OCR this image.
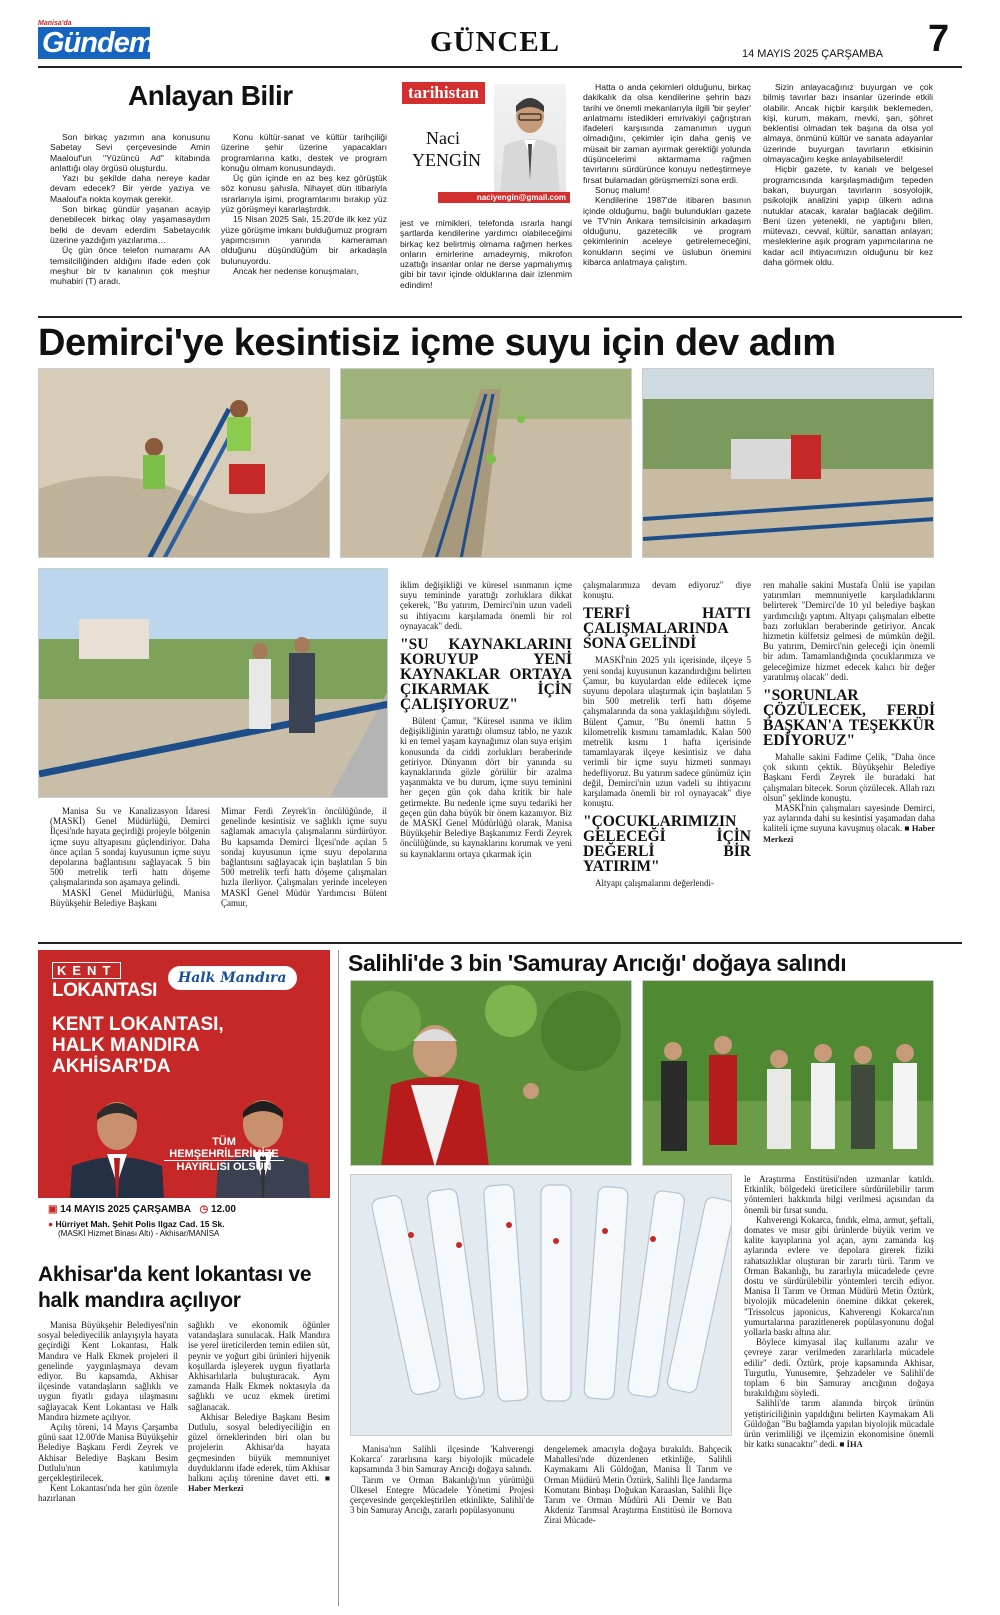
Manisa'da
Gündem	GÜNCEL	14 MAYIS 2025 ÇARŞAMBA 7
Anlayan Bilir

Son birkaç yazımın ana konusunu Sabetay Sevi çerçevesinde Amin Maalouf'un "Yüzüncü Ad" kitabında anlattığı olay örgüsü oluşturdu.

Yazı bu şekilde daha nereye kadar devam edecek? Bir yerde yazıya ve Maalouf'a nokta koymak gerekir.

Son birkaç gündür yaşanan acayip denebilecek birkaç olay yaşamasaydım belki de devam ederdim Sabetaycılık üzerine yazdığım yazılarıma…

Üç gün önce telefon numaramı AA temsilciliğinden aldığını ifade eden çok meşhur bir tv kanalının çok meşhur muhabiri (T) aradı.

Konu kültür-sanat ve kültür tarihçiliği üzerine şehir üzerine yapacakları programlarına katkı, destek ve program konuğu olmam konusundaydı.

Üç gün içinde en az beş kez görüştük söz konusu şahısla. Nihayet dün itibariyla ısrarlarıyla işimi, programlarımı bırakıp yüz yüz görüşmeyi kararlaştırdık.

15 Nisan 2025 Salı, 15.20'de ilk kez yüz yüze görüşme imkanı bulduğumuz program yapımcısının yanında kameraman olduğunu düşündüğüm bir arkadaşla bulunuyordu.

Ancak her nedense konuşmaları,

tarihistan
Naci
YENGİN
naciyengin@gmail.com

jest ve mimikleri, telefonda ısrarla hangi şartlarda kendilerine yardımcı olabileceğimi birkaç kez belirtmiş olmama rağmen herkes onların emirlerine amadeymiş, mikrofon uzattığı insanlar onlar ne derse yapmalıymış gibi bir tavır içinde olduklarına dair izlenmim edindim!

Hatta o anda çekimleri olduğunu, birkaç dakikalık da olsa kendilerine şehrin bazı tarihi ve önemli mekanlarıyla ilgili 'bir şeyler' anlatmamı istedikleri emrivakiyi çağrıştıran ifadeleri karşısında zamanımın uygun olmadığını, çekimler için daha geniş ve müsait bir zaman ayırmak gerektiği yolunda düşüncelerimi aktarmama rağmen tavırlarını sürdürünce konuyu netleştirmeye fırsat bulamadan görüşmemizi sona erdi.

Sonuç malum!

Kendilerine 1987'de itibaren basının içinde olduğumu, bağlı bulundukları gazete ve TV'nin Ankara temsilcisinin arkadaşım olduğunu, gazetecilik ve program çekimlerinin aceleye getirelemeceğini, konukların seçimi ve üslubun önemini kibarca anlatmaya çalıştım.

Sizin anlayacağınız buyurgan ve çok bilmiş tavırlar bazı insanlar üzerinde etkili olabilir. Ancak hiçbir karşılık beklemeden, kişi, kurum, makam, mevki, şan, şöhret beklentisi olmadan tek başına da olsa yol almaya, önmünü kültür ve sanata adayanlar üzerinde buyurgan tavırların etkisinin olmayacağını keşke anlayabilselerdi!

Hiçbir gazete, tv kanalı ve belgesel programcısında karşılaşmadığım tepeden bakan, buyurgan tavırların sosyolojik, psikolojik analizini yapıp ülkem adına nutuklar atacak, karalar bağlacak değilim. Beni üzen yetenekli, ne yaptığını bilen, mütevazı, cevval, kültür, sanattan anlayan; mesleklerine aşık program yapımcılarına ne kadar acil ihtiyacımızın olduğunu bir kez daha görmek oldu.

Demirci'ye kesintisiz içme suyu için dev adım

Manisa Su ve Kanalizasyon İdaresi (MASKİ) Genel Müdürlüğü, Demirci İlçesi'nde hayata geçirdiği projeyle bölgenin içme suyu altyapısını güçlendiriyor. Daha önce açılan 5 sondaj kuyusunun içme suyu depolarına bağlantısını sağlayacak 5 bin 500 metrelik terfi hattı döşeme çalışmalarında son aşamaya gelindi.

MASKİ Genel Müdürlüğü, Manisa Büyükşehir Belediye Başkanı

Mimar Ferdi Zeyrek'in öncülüğünde, il genelinde kesintisiz ve sağlıklı içme suyu sağlamak amacıyla çalışmalarını sürdürüyor. Bu kapsamda Demirci İlçesi'nde açılan 5 sondaj kuyusunun içme suyu depolarına bağlantısını sağlayacak için başlatılan 5 bin 500 metrelik terfi hattı döşeme çalışmaları hızla ilerliyor. Çalışmaları yerinde inceleyen MASKİ Genel Müdür Yardımcısı Bülent Çamur,

iklim değişikliği ve küresel ısınmanın içme suyu temininde yarattığı zorluklara dikkat çekerek, "Bu yatırım, Demirci'nin uzun vadeli su ihtiyacını karşılamada önemli bir rol oynayacak" dedi.

"SU KAYNAKLARINI KORUYUP YENİ KAYNAKLAR ORTAYA ÇIKARMAK İÇİN ÇALIŞIYORUZ"

Bülent Çamur, "Küresel ısınma ve iklim değişikliğinin yarattığı olumsuz tablo, ne yazık ki en temel yaşam kaynağımız olan suya erişim konusunda da ciddi zorlukları beraberinde getiriyor. Dünyanın dört bir yanında su kaynaklarında gözle görülür bir azalma yaşanmakta ve bu durum, içme suyu teminini her geçen gün çok daha kritik bir hale getirmekte. Bu nedenle içme suyu tedariki her geçen gün daha büyük bir önem kazanıyor. Biz de MASKİ Genel Müdürlüğü olarak, Manisa Büyükşehir Belediye Başkanımız Ferdi Zeyrek öncülüğünde, su kaynaklarını korumak ve yeni su kaynaklarını ortaya çıkarmak için

çalışmalarımıza devam ediyoruz" diye konuştu.

TERFİ HATTI ÇALIŞMALARINDA SONA GELİNDİ

MASKİ'nin 2025 yılı içerisinde, ilçeye 5 yeni sondaj kuyusunun kazandırdığını belirten Çamur, bu kuyulardan elde edilecek içme suyunu depolara ulaştırmak için başlatılan 5 bin 500 metrelik terfi hattı döşeme çalışmalarında da sona yaklaşıldığını söyledi. Bülent Çamur, "Bu önemli hattın 5 kilometrelik kısmını tamamladık. Kalan 500 metrelik kısmı 1 hafta içerisinde tamamlayarak ilçeye kesintisiz ve daha verimli bir içme suyu hizmeti sunmayı hedefliyoruz. Bu yatırım sadece günümüz için değil, Demirci'nin uzun vadeli su ihtiyacını karşılamada önemli bir rol oynayacak" diye konuştu.

"ÇOCUKLARIMIZIN GELECEĞİ İÇİN DEĞERLİ BİR YATIRIM"

Altyapı çalışmalarını değerlendi-

ren mahalle sakini Mustafa Ünlü ise yapılan yatırımları memnuniyetle karşıladıklarını belirterek "Demirci'de 10 yıl belediye başkan yardımcılığı yaptım. Altyapı çalışmaları elbette bazı zorlukları beraberinde getiriyor. Ancak hizmetin külfetsiz gelmesi de mümkün değil. Bu yatırım, Demirci'nin geleceği için önemli bir adım. Tamamlandığında çocuklarımıza ve geleceğimize hizmet edecek kalıcı bir değer yaratılmış olacak" dedi.

"SORUNLAR ÇÖZÜLECEK, FERDİ BAŞKAN'A TEŞEKKÜR EDİYORUZ"

Mahalle sakini Fadime Çelik, "Daha önce çok sıkıntı çektik. Büyükşehir Belediye Başkanı Ferdi Zeyrek ile buradaki hat çalışmaları bitecek. Sorun çözülecek. Allah razı olsun" şeklinde konuştu.

MASKİ'nin çalışmaları sayesinde Demirci, yaz aylarında dahi su kesintisi yaşamadan daha kaliteli içme suyuna kavuşmuş olacak. ■ Haber Merkezi

KENT
LOKANTASI
Halk Mandıra
KENT LOKANTASI, HALK MANDIRA AKHİSAR'DA
TÜM
HEMŞEHRİLERİMİZE
HAYIRLISI OLSUN
▣ 14 MAYIS 2025 ÇARŞAMBA ◷ 12.00
● Hürriyet Mah. Şehit Polis Ilgaz Cad. 15 Sk.
(MASKİ Hizmet Binası Altı) - Akhisar/MANİSA
Akhisar'da kent lokantası ve halk mandıra açılıyor

Manisa Büyükşehir Belediyesi'nin sosyal belediyecilik anlayışıyla hayata geçirdiği Kent Lokantası, Halk Mandıra ve Halk Ekmek projeleri il genelinde yaygınlaşmaya devam ediyor. Bu kapsamda, Akhisar ilçesinde vatandaşların sağlıklı ve uygun fiyatlı gıdaya ulaşmasını sağlayacak Kent Lokantası ve Halk Mandıra hizmete açılıyor.

Açılış töreni, 14 Mayıs Çarşamba günü saat 12.00'de Manisa Büyükşehir Belediye Başkanı Ferdi Zeyrek ve Akhisar Belediye Başkanı Besim Dutlulu'nun katılımıyla gerçekleştirilecek.

Kent Lokantası'nda her gün özenle hazırlanan

sağlıklı ve ekonomik öğünler vatandaşlara sunulacak. Halk Mandıra ise yerel üreticilerden temin edilen süt, peynir ve yoğurt gibi ürünleri hijyenik koşullarda işleyerek uygun fiyatlarla Akhisarlılarla buluşturacak. Aynı zamanda Halk Ekmek noktasıyla da sağlıklı ve ucuz ekmek üretimi sağlanacak.

Akhisar Belediye Başkanı Besim Dutlulu, sosyal belediyeciliğin en güzel örneklerinden biri olan bu projelerin Akhisar'da hayata geçmesinden büyük memnuniyet duyduklarını ifade ederek, tüm Akhisar halkını açılış törenine davet etti. ■ Haber Merkezi

Salihli'de 3 bin 'Samuray Arıcığı' doğaya salındı

Manisa'nın Salihli ilçesinde 'Kahverengi Kokarca' zararlısına karşı biyolojik mücadele kapsamında 3 bin Samuray Arıcığı doğaya salındı.

Tarım ve Orman Bakanlığı'nın yürüttüğü Ülkesel Entegre Mücadele Yönetimi Projesi çerçevesinde gerçekleştirilen etkinlikte, Salihli'de 3 bin Samuray Arıcığı, zararlı popülasyonunu

dengelemek amacıyla doğaya bırakıldı. Bahçecik Mahallesi'nde düzenlenen etkinliğe, Salihli Kaymakamı Ali Güldoğan, Manisa İl Tarım ve Orman Müdürü Metin Öztürk, Salihli İlçe Jandarma Komutanı Binbaşı Doğukan Karaaslan, Salihli İlçe Tarım ve Orman Müdürü Ali Demir ve Batı Akdeniz Tarımsal Araştırma Enstitüsü ile Bornova Zirai Mücade-

le Araştırma Enstitüsü'nden uzmanlar katıldı. Etkinlik, bölgedeki üreticilere sürdürülebilir tarım yöntemleri hakkında bilgi verilmesi açısından da önemli bir fırsat sundu.

Kahverengi Kokarca, fındık, elma, armut, şeftali, domates ve mısır gibi ürünlerde büyük verim ve kalite kayıplarına yol açan, aynı zamanda kış aylarında evlere ve depolara girerek fiziki rahatsızlıklar oluşturan bir zararlı türü. Tarım ve Orman Bakanlığı, bu zararlıyla mücadelede çevre dostu ve sürdürülebilir yöntemleri tercih ediyor. Manisa İl Tarım ve Orman Müdürü Metin Öztürk, biyolojik mücadelenin önemine dikkat çekerek, "Trissolcus japonicus, Kahverengi Kokarca'nın yumurtalarına parazitlenerek popülasyonunu doğal yollarla baskı altına alır.

Böylece kimyasal ilaç kullanımı azalır ve çevreye zarar verilmeden zararlılarla mücadele edilir" dedi. Öztürk, proje kapsamında Akhisar, Turgutlu, Yunusemre, Şehzadeler ve Salihli'de toplam 6 bin Samuray arıcığının doğaya bırakıldığını söyledi.

Salihli'de tarım alanında birçok ürünün yetiştiriciliğinin yapıldığını belirten Kaymakam Ali Güldoğan "Bu bağlamda yapılan biyolojik mücadale ürün verimliliği ve ilçemizin ekonomisine önemli bir katkı sunacaktır" dedi. ■ İHA
